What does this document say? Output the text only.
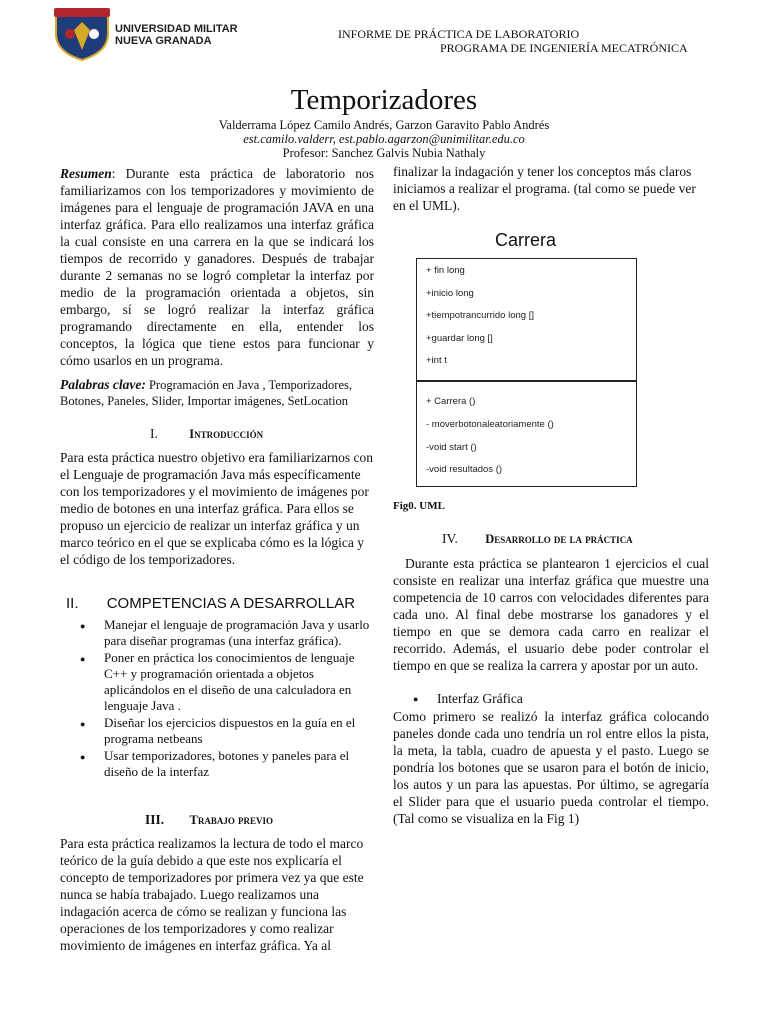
UNIVERSIDAD MILITAR
NUEVA GRANADA	INFORME DE PRÁCTICA DE LABORATORIO
PROGRAMA DE INGENIERÍA MECATRÓNICA
Temporizadores
Valderrama López Camilo Andrés, Garzon Garavito Pablo Andrés
est.camilo.valderr, est.pablo.agarzon@unimilitar.edu.co
Profesor: Sanchez Galvis Nubia Nathaly
Resumen: Durante esta práctica de laboratorio nos familiarizamos con los temporizadores y movimiento de imágenes para el lenguaje de programación JAVA en una interfaz gráfica. Para ello realizamos una interfaz gráfica la cual consiste en una carrera en la que se indicará los tiempos de recorrido y ganadores. Después de trabajar durante 2 semanas no se logró completar la interfaz por medio de la programación orientada a objetos, sin embargo, sí se logró realizar la interfaz gráfica programando directamente en ella, entender los conceptos, la lógica que tiene estos para funcionar y cómo usarlos en un programa.
Palabras clave: Programación en Java , Temporizadores, Botones, Paneles, Slider, Importar imágenes, SetLocation
I.	Introducción
Para esta práctica nuestro objetivo era familiarizarnos con el Lenguaje de programación Java más específicamente con los temporizadores y el movimiento de imágenes por medio de botones en una interfaz gráfica. Para ellos se propuso un ejercicio de realizar un interfaz gráfica y un marco teórico en el que se explicaba cómo es la lógica y el código de los temporizadores.
II. COMPETENCIAS A DESARROLLAR
● Manejar el lenguaje de programación Java y usarlo para diseñar programas (una interfaz gráfica).
● Poner en práctica los conocimientos de lenguaje C++ y programación orientada a objetos aplicándolos en el diseño de una calculadora en lenguaje Java .
● Diseñar los ejercicios dispuestos en la guía en el programa netbeans
● Usar temporizadores, botones y paneles para el diseño de la interfaz
III. Trabajo previo
Para esta práctica realizamos la lectura de todo el marco teórico de la guía debido a que este nos explicaría el concepto de temporizadores por primera vez ya que este nunca se había trabajado. Luego realizamos una indagación acerca de cómo se realizan y funciona las operaciones de los temporizadores y como realizar movimiento de imágenes en interfaz gráfica. Ya al
finalizar la indagación y tener los conceptos más claros iniciamos a realizar el programa. (tal como se puede ver en el UML).
Carrera
+ fin long
+inicio long
+tiempotrancurrido long []
+guardar long []
+int t
+ Carrera ()
- moverbotonaleatoriamente ()
-void start ()
-void resultados ()
Fig0. UML
IV. Desarrollo de la práctica
Durante esta práctica se plantearon 1 ejercicios el cual consiste en realizar una interfaz gráfica que muestre una competencia de 10 carros con velocidades diferentes para cada uno. Al final debe mostrarse los ganadores y el tiempo en que se demora cada carro en realizar el recorrido. Además, el usuario debe poder controlar el tiempo en que se realiza la carrera y apostar por un auto.
● Interfaz Gráfica
Como primero se realizó la interfaz gráfica colocando paneles donde cada uno tendría un rol entre ellos la pista, la meta, la tabla, cuadro de apuesta y el pasto. Luego se pondría los botones que se usaron para el botón de inicio, los autos y un para las apuestas. Por último, se agregaría el Slider para que el usuario pueda controlar el tiempo. (Tal como se visualiza en la Fig 1)
